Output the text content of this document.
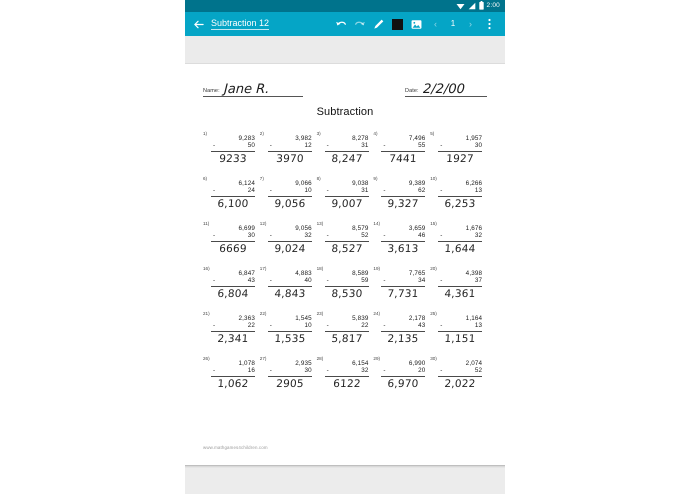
2:00
Subtraction 12	‹	1	›
Name: Jane R.	Date: 2/2/00
Subtraction
1)
9,283
-	50
9233
2)
3,982
-	12
3970
3)
8,278
-	31
8,247
4)
7,496
-	55
7441
5)
1,957
-	30
1927
6)
6,124
-	24
6,100
7)
9,066
-	10
9,056
8)
9,038
-	31
9,007
9)
9,389
-	62
9,327
10)
6,266
-	13
6,253
11)
6,699
-	30
6669
12)
9,056
-	32
9,024
13)
8,579
-	52
8,527
14)
3,659
-	46
3,613
15)
1,676
-	32
1,644
16)
6,847
-	43
6,804
17)
4,883
-	40
4,843
18)
8,589
-	59
8,530
19)
7,765
-	34
7,731
20)
4,398
-	37
4,361
21)
2,363
-	22
2,341
22)
1,545
-	10
1,535
23)
5,839
-	22
5,817
24)
2,178
-	43
2,135
25)
1,164
-	13
1,151
26)
1,078
-	16
1,062
27)
2,935
-	30
2905
28)
6,154
-	32
6122
29)
6,990
-	20
6,970
30)
2,074
-	52
2,022
www.mathgames4children.com
